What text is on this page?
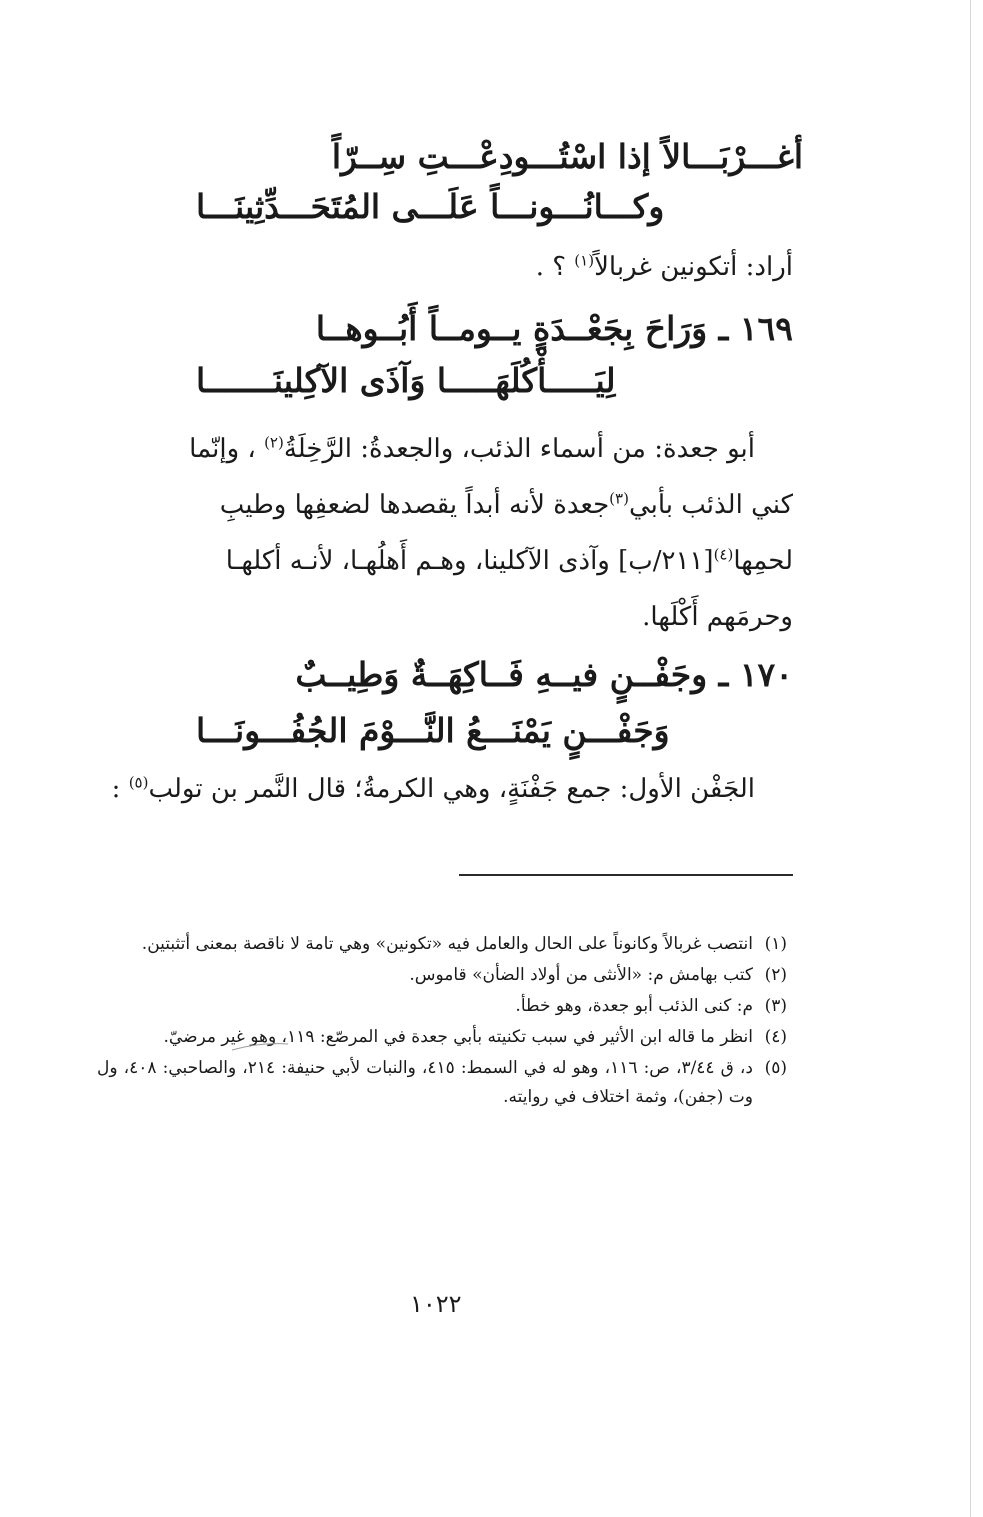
أغـــرْبَـــالاً إذا اسْتُـــودِعْـــتِ سِــرّاً
وكـــانُـــونـــاً عَلَـــى المُتَحَـــدِّثِينَـــا
أراد: أتكونين غربالاً$^{(١)}$ ؟ .
١٦٩ ـ وَرَاحَ بِجَعْــدَةٍ يــومــاً أَبُــوهــا
لِيَـــــأْكُلَهَـــــا وَآذَى الآكِلينَـــــــا
أبو جعدة: من أسماء الذئب، والجعدةُ: الرَّخِلَةُ$^{(٢)}$ ، وإنّما
كني الذئب بأبي$^{(٣)}$جعدة لأنه أبداً يقصدها لضعفِها وطيبِ
لحمِها$^{(٤)}$[٢١١/ب] وآذى الآكلينا، وهـم أَهلُهـا، لأنـه أكلهـا
وحرمَهم أَكْلَها.
١٧٠ ـ وجَفْــنٍ فيــهِ فَــاكِهَــةٌ وَطِيــبٌ
وَجَفْـــنٍ يَمْنَـــعُ النَّـــوْمَ الجُفُـــونَـــا
الجَفْن الأول: جمع جَفْنَةٍ، وهي الكرمةُ؛ قال النَّمر بن تولب$^{(٥)}$ :

(١)
انتصب غربالاً وكانوناً على الحال والعامل فيه «تكونين» وهي تامة لا ناقصة بمعنى أتثبتين.

(٢)
كتب بهامش م: «الأنثى من أولاد الضأن» قاموس.

(٣)
م: كنى الذئب أبو جعدة، وهو خطأ.

(٤)
انظر ما قاله ابن الأثير في سبب تكنيته بأبي جعدة في المرصّع: ١١٩، وهو غير مرضيّ.

(٥)
د، ق ٣/٤٤، ص: ١١٦، وهو له في السمط: ٤١٥، والنبات لأبي حنيفة: ٢١٤، والصاحبي: ٤٠٨، ول وت (جفن)، وثمة اختلاف في روايته.

١٠٢٢
